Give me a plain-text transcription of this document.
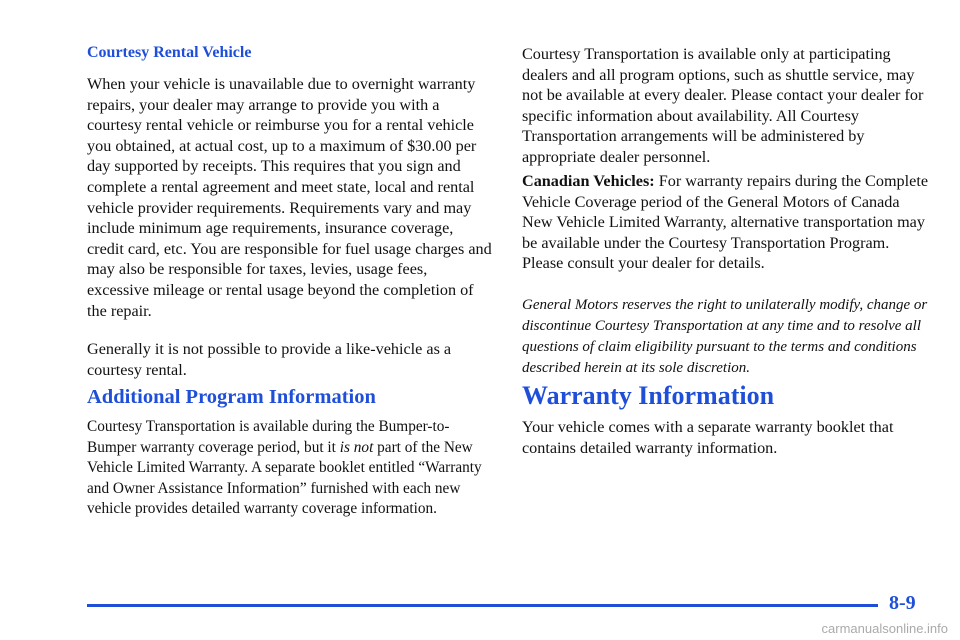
Courtesy Rental Vehicle

When your vehicle is unavailable due to overnight warranty repairs, your dealer may arrange to provide you with a courtesy rental vehicle or reimburse you for a rental vehicle you obtained, at actual cost, up to a maximum of $30.00 per day supported by receipts. This requires that you sign and complete a rental agreement and meet state, local and rental vehicle provider requirements. Requirements vary and may include minimum age requirements, insurance coverage, credit card, etc. You are responsible for fuel usage charges and may also be responsible for taxes, levies, usage fees, excessive mileage or rental usage beyond the completion of the repair.

Generally it is not possible to provide a like-vehicle as a courtesy rental.

Additional Program Information

Courtesy Transportation is available during the Bumper-to-Bumper warranty coverage period, but it is not part of the New Vehicle Limited Warranty. A separate booklet entitled “Warranty and Owner Assistance Information” furnished with each new vehicle provides detailed warranty coverage information.

Courtesy Transportation is available only at participating dealers and all program options, such as shuttle service, may not be available at every dealer. Please contact your dealer for specific information about availability. All Courtesy Transportation arrangements will be administered by appropriate dealer personnel.

Canadian Vehicles: For warranty repairs during the Complete Vehicle Coverage period of the General Motors of Canada New Vehicle Limited Warranty, alternative transportation may be available under the Courtesy Transportation Program. Please consult your dealer for details.

General Motors reserves the right to unilaterally modify, change or discontinue Courtesy Transportation at any time and to resolve all questions of claim eligibility pursuant to the terms and conditions described herein at its sole discretion.

Warranty Information

Your vehicle comes with a separate warranty booklet that contains detailed warranty information.

8-9
carmanualsonline.info
